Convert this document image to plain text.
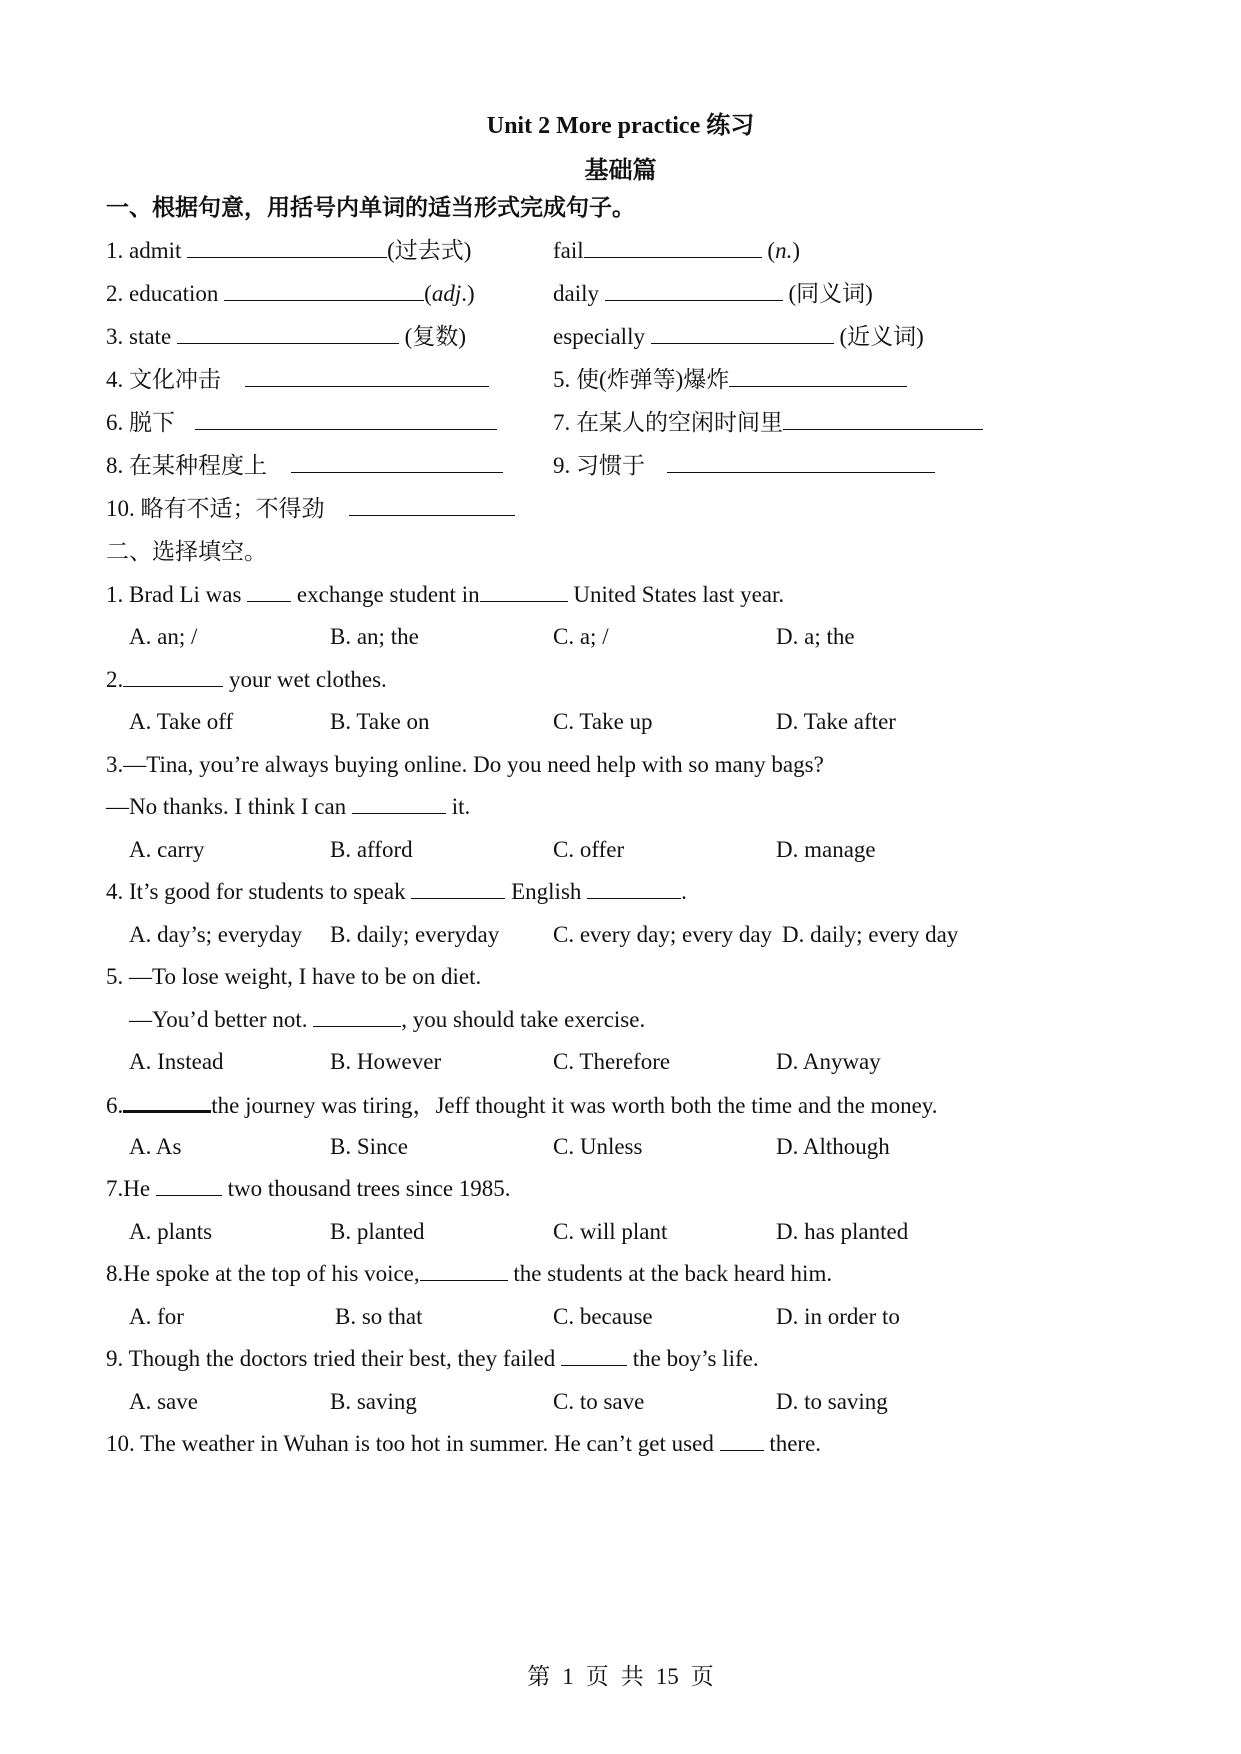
Unit 2 More practice 练习
基础篇
一、根据句意，用括号内单词的适当形式完成句子。
1. admit	(过去式)	fail	(n.)
2. education	(adj.)	daily	(同义词)
3. state	(复数)	especially	(近义词)
4. 文化冲击	5. 使(炸弹等)爆炸
6. 脱下	7. 在某人的空闲时间里
8. 在某种程度上	9. 习惯于
10. 略有不适；不得劲
二、选择填空。
1. Brad Li was  exchange student in	United States last year.
A. an; /	B. an; the	C. a; /	D. a; the
2.	your wet clothes.
A. Take off	B. Take on	C. Take up	D. Take after
3.—Tina, you’re always buying online. Do you need help with so many bags?
—No thanks. I think I can	it.
A. carry	B. afford	C. offer	D. manage
4. It’s good for students to speak	English	.
A. day’s; everyday B. daily; everyday C. every day; every day D. daily; every day
5. —To lose weight, I have to be on diet.
—You’d better not.	, you should take exercise.
A. Instead	B. However	C. Therefore	D. Anyway
6.	the journey was tiring，Jeff thought it was worth both the time and the money.
A. As	B. Since	C. Unless	D. Although
7.He	two thousand trees since 1985.
A. plants	B. planted	C. will plant	D. has planted
8.He spoke at the top of his voice,	the students at the back heard him.
A. for	B. so that	C. because	D. in order to
9. Though the doctors tried their best, they failed	the boy’s life.
A. save	B. saving	C. to save	D. to saving
10. The weather in Wuhan is too hot in summer. He can’t get used  there.
第 1 页 共 15 页
